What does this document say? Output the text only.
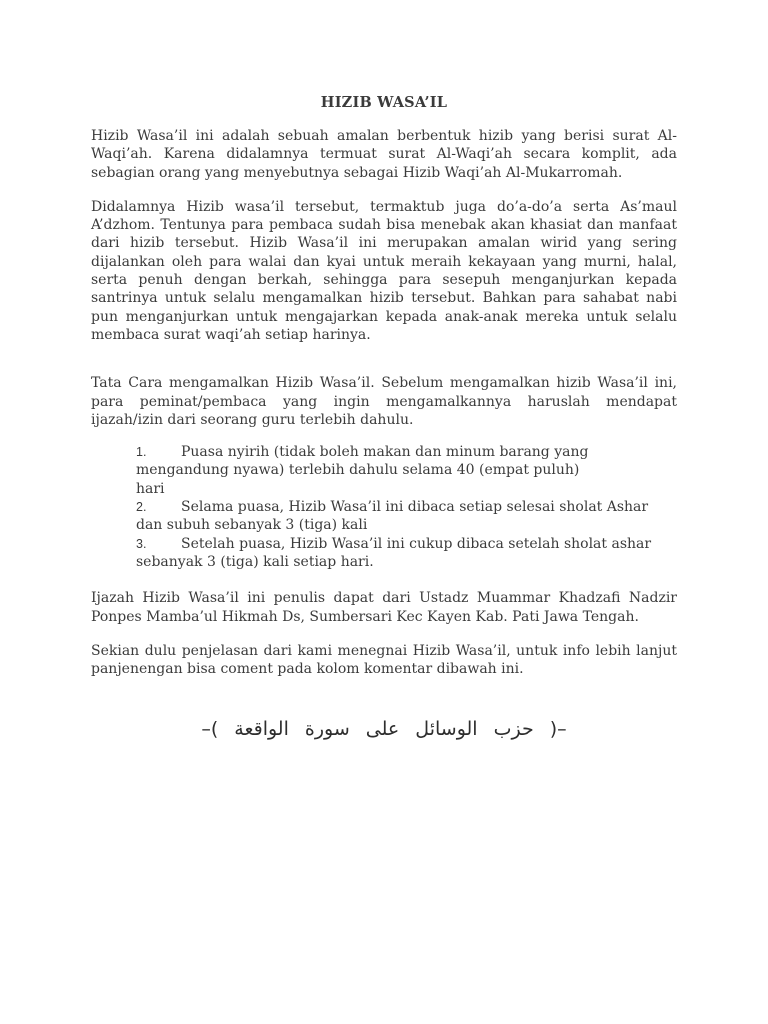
HIZIB WASA’IL

Hizib Wasa’il ini adalah sebuah amalan berbentuk hizib yang berisi surat Al-Waqi’ah. Karena didalamnya termuat surat Al-Waqi’ah secara komplit, ada sebagian orang yang menyebutnya sebagai Hizib Waqi’ah Al-Mukarromah.

Didalamnya Hizib wasa’il tersebut, termaktub juga do’a-do’a serta As’maul A’dzhom. Tentunya para pembaca sudah bisa menebak akan khasiat dan manfaat dari hizib tersebut. Hizib Wasa’il ini merupakan amalan wirid yang sering dijalankan oleh para walai dan kyai untuk meraih kekayaan yang murni, halal, serta penuh dengan berkah, sehingga para sesepuh menganjurkan kepada santrinya untuk selalu mengamalkan hizib tersebut. Bahkan para sahabat nabi pun menganjurkan untuk mengajarkan kepada anak-anak mereka untuk selalu membaca surat waqi’ah setiap harinya.

Tata Cara mengamalkan Hizib Wasa’il. Sebelum mengamalkan hizib Wasa’il ini, para peminat/pembaca yang ingin mengamalkannya haruslah mendapat ijazah/izin dari seorang guru terlebih dahulu.

1. Puasa nyirih (tidak boleh makan dan minum barang yang
mengandung nyawa) terlebih dahulu selama 40 (empat puluh)
hari
2. Selama puasa, Hizib Wasa’il ini dibaca setiap selesai sholat Ashar
dan subuh sebanyak 3 (tiga) kali
3. Setelah puasa, Hizib Wasa’il ini cukup dibaca setelah sholat ashar
sebanyak 3 (tiga) kali setiap hari.

Ijazah Hizib Wasa’il ini penulis dapat dari Ustadz Muammar Khadzafi Nadzir Ponpes Mamba’ul Hikmah Ds, Sumbersari Kec Kayen Kab. Pati Jawa Tengah.

Sekian dulu penjelasan dari kami menegnai Hizib Wasa’il, untuk info lebih lanjut panjenengan bisa coment pada kolom komentar dibawah ini.

–( حزب الوسائل على سورة الواقعة )–
